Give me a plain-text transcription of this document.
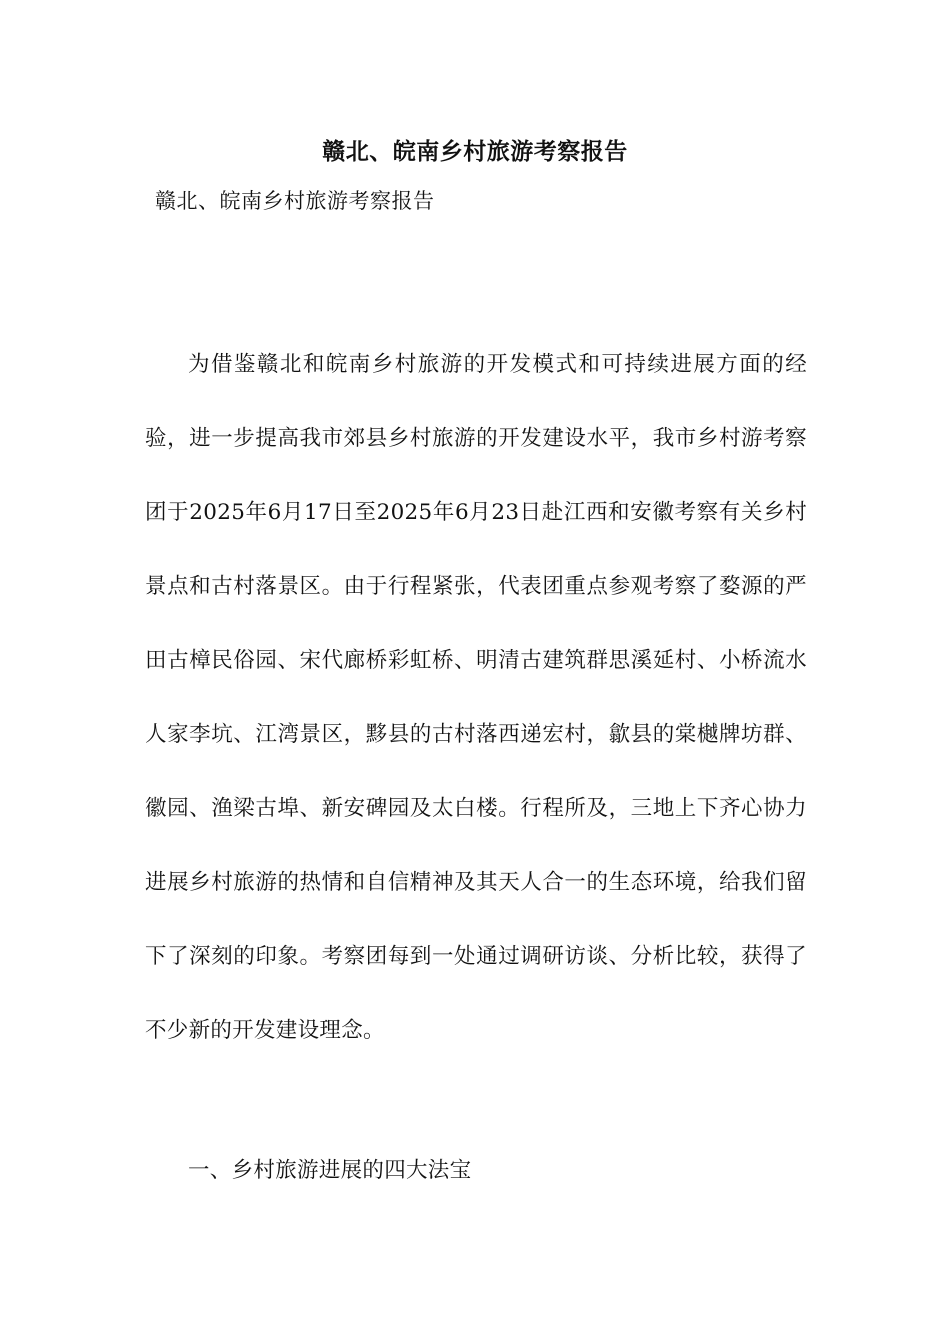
赣北、皖南乡村旅游考察报告
赣北、皖南乡村旅游考察报告

为借鉴赣北和皖南乡村旅游的开发模式和可持续进展方面的经验，进一步提高我市郊县乡村旅游的开发建设水平，我市乡村游考察团于2025年6月17日至2025年6月23日赴江西和安徽考察有关乡村景点和古村落景区。由于行程紧张，代表团重点参观考察了婺源的严田古樟民俗园、宋代廊桥彩虹桥、明清古建筑群思溪延村、小桥流水人家李坑、江湾景区，黟县的古村落西递宏村，歙县的棠樾牌坊群、徽园、渔梁古埠、新安碑园及太白楼。行程所及，三地上下齐心协力进展乡村旅游的热情和自信精神及其天人合一的生态环境，给我们留下了深刻的印象。考察团每到一处通过调研访谈、分析比较，获得了不少新的开发建设理念。

一、乡村旅游进展的四大法宝
